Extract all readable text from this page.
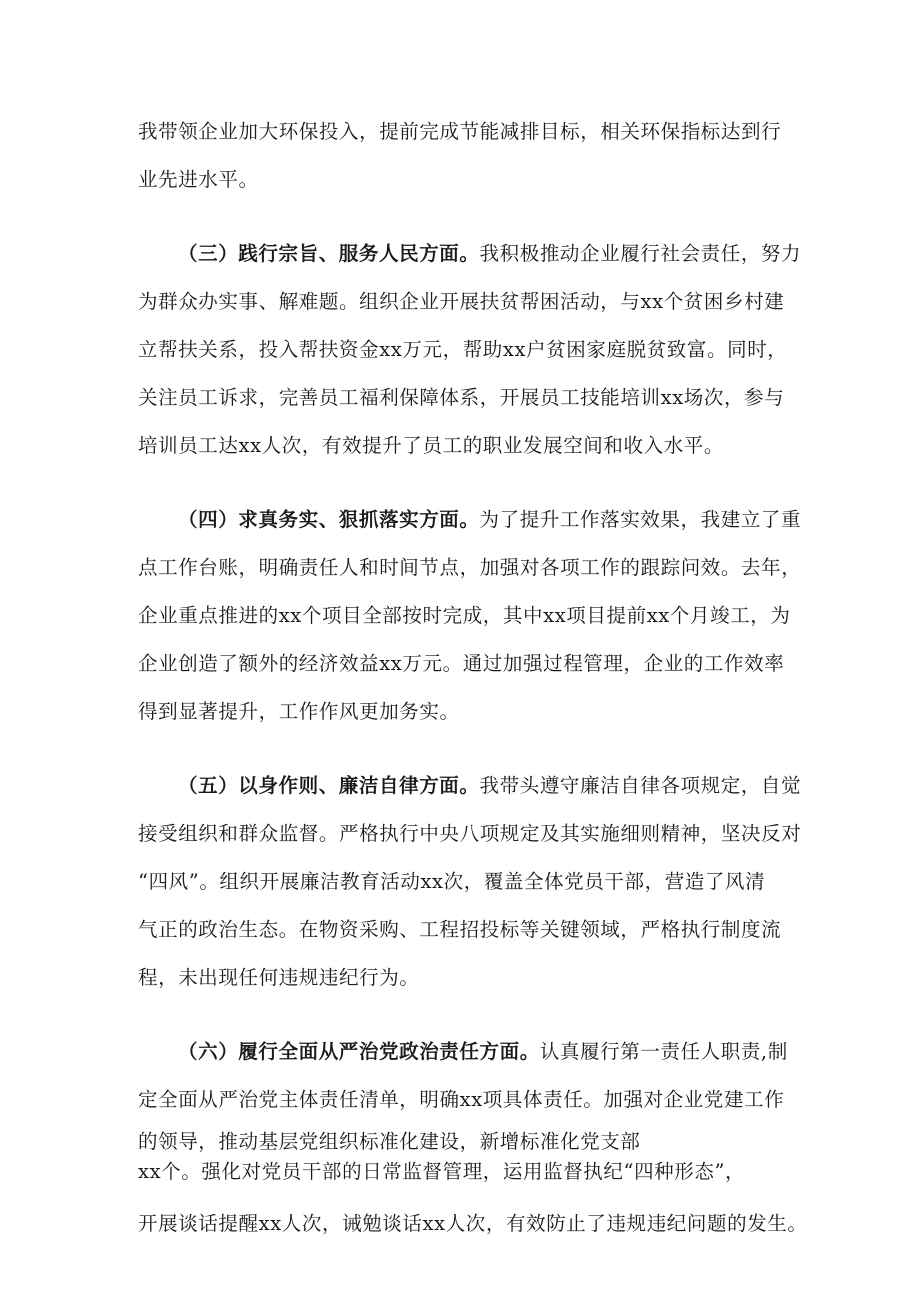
我带领企业加大环保投入，提前完成节能减排目标，相关环保指标达到行
业先进水平。

（三）践行宗旨、服务人民方面。我积极推动企业履行社会责任，努力
为群众办实事、解难题。组织企业开展扶贫帮困活动，与xx个贫困乡村建
立帮扶关系，投入帮扶资金xx万元，帮助xx户贫困家庭脱贫致富。同时，
关注员工诉求，完善员工福利保障体系，开展员工技能培训xx场次，参与
培训员工达xx人次，有效提升了员工的职业发展空间和收入水平。

（四）求真务实、狠抓落实方面。为了提升工作落实效果，我建立了重
点工作台账，明确责任人和时间节点，加强对各项工作的跟踪问效。去年，
企业重点推进的xx个项目全部按时完成，其中xx项目提前xx个月竣工，为
企业创造了额外的经济效益xx万元。通过加强过程管理，企业的工作效率
得到显著提升，工作作风更加务实。

（五）以身作则、廉洁自律方面。我带头遵守廉洁自律各项规定，自觉
接受组织和群众监督。严格执行中央八项规定及其实施细则精神，坚决反对
“四风”。组织开展廉洁教育活动xx次，覆盖全体党员干部，营造了风清
气正的政治生态。在物资采购、工程招投标等关键领域，严格执行制度流
程，未出现任何违规违纪行为。

（六）履行全面从严治党政治责任方面。认真履行第一责任人职责,制
定全面从严治党主体责任清单，明确xx项具体责任。加强对企业党建工作
的领导，推动基层党组织标准化建设，新增标准化党支部
xx个。强化对党员干部的日常监督管理，运用监督执纪“四种形态”，
开展谈话提醒xx人次，诫勉谈话xx人次，有效防止了违规违纪问题的发生。
